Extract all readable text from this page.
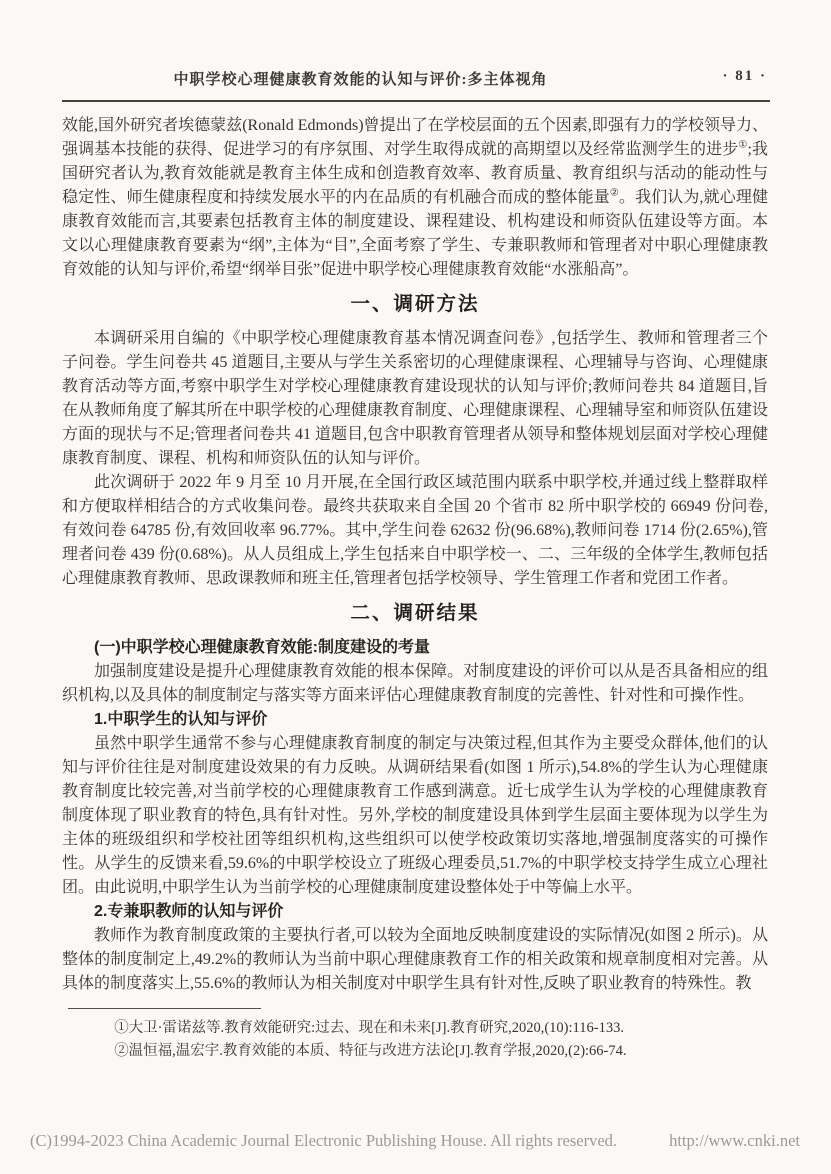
中职学校心理健康教育效能的认知与评价:多主体视角	· 81 ·

效能,国外研究者埃德蒙兹(Ronald Edmonds)曾提出了在学校层面的五个因素,即强有力的学校领导力、强调基本技能的获得、促进学习的有序氛围、对学生取得成就的高期望以及经常监测学生的进步①;我国研究者认为,教育效能就是教育主体生成和创造教育效率、教育质量、教育组织与活动的能动性与稳定性、师生健康程度和持续发展水平的内在品质的有机融合而成的整体能量②。我们认为,就心理健康教育效能而言,其要素包括教育主体的制度建设、课程建设、机构建设和师资队伍建设等方面。本文以心理健康教育要素为“纲”,主体为“目”,全面考察了学生、专兼职教师和管理者对中职心理健康教育效能的认知与评价,希望“纲举目张”促进中职学校心理健康教育效能“水涨船高”。

一、调研方法

本调研采用自编的《中职学校心理健康教育基本情况调查问卷》,包括学生、教师和管理者三个子问卷。学生问卷共 45 道题目,主要从与学生关系密切的心理健康课程、心理辅导与咨询、心理健康教育活动等方面,考察中职学生对学校心理健康教育建设现状的认知与评价;教师问卷共 84 道题目,旨在从教师角度了解其所在中职学校的心理健康教育制度、心理健康课程、心理辅导室和师资队伍建设方面的现状与不足;管理者问卷共 41 道题目,包含中职教育管理者从领导和整体规划层面对学校心理健康教育制度、课程、机构和师资队伍的认知与评价。

此次调研于 2022 年 9 月至 10 月开展,在全国行政区域范围内联系中职学校,并通过线上整群取样和方便取样相结合的方式收集问卷。最终共获取来自全国 20 个省市 82 所中职学校的 66949 份问卷,有效问卷 64785 份,有效回收率 96.77%。其中,学生问卷 62632 份(96.68%),教师问卷 1714 份(2.65%),管理者问卷 439 份(0.68%)。从人员组成上,学生包括来自中职学校一、二、三年级的全体学生,教师包括心理健康教育教师、思政课教师和班主任,管理者包括学校领导、学生管理工作者和党团工作者。

二、调研结果
(一)中职学校心理健康教育效能:制度建设的考量

加强制度建设是提升心理健康教育效能的根本保障。对制度建设的评价可以从是否具备相应的组织机构,以及具体的制度制定与落实等方面来评估心理健康教育制度的完善性、针对性和可操作性。

1.中职学生的认知与评价

虽然中职学生通常不参与心理健康教育制度的制定与决策过程,但其作为主要受众群体,他们的认知与评价往往是对制度建设效果的有力反映。从调研结果看(如图 1 所示),54.8%的学生认为心理健康教育制度比较完善,对当前学校的心理健康教育工作感到满意。近七成学生认为学校的心理健康教育制度体现了职业教育的特色,具有针对性。另外,学校的制度建设具体到学生层面主要体现为以学生为主体的班级组织和学校社团等组织机构,这些组织可以使学校政策切实落地,增强制度落实的可操作性。从学生的反馈来看,59.6%的中职学校设立了班级心理委员,51.7%的中职学校支持学生成立心理社团。由此说明,中职学生认为当前学校的心理健康制度建设整体处于中等偏上水平。

2.专兼职教师的认知与评价

教师作为教育制度政策的主要执行者,可以较为全面地反映制度建设的实际情况(如图 2 所示)。从整体的制度制定上,49.2%的教师认为当前中职心理健康教育工作的相关政策和规章制度相对完善。从具体的制度落实上,55.6%的教师认为相关制度对中职学生具有针对性,反映了职业教育的特殊性。教

①大卫·雷诺兹等.教育效能研究:过去、现在和未来[J].教育研究,2020,(10):116-133.

②温恒福,温宏宇.教育效能的本质、特征与改进方法论[J].教育学报,2020,(2):66-74.

(C)1994-2023 China Academic Journal Electronic Publishing House. All rights reserved.	http://www.cnki.net
